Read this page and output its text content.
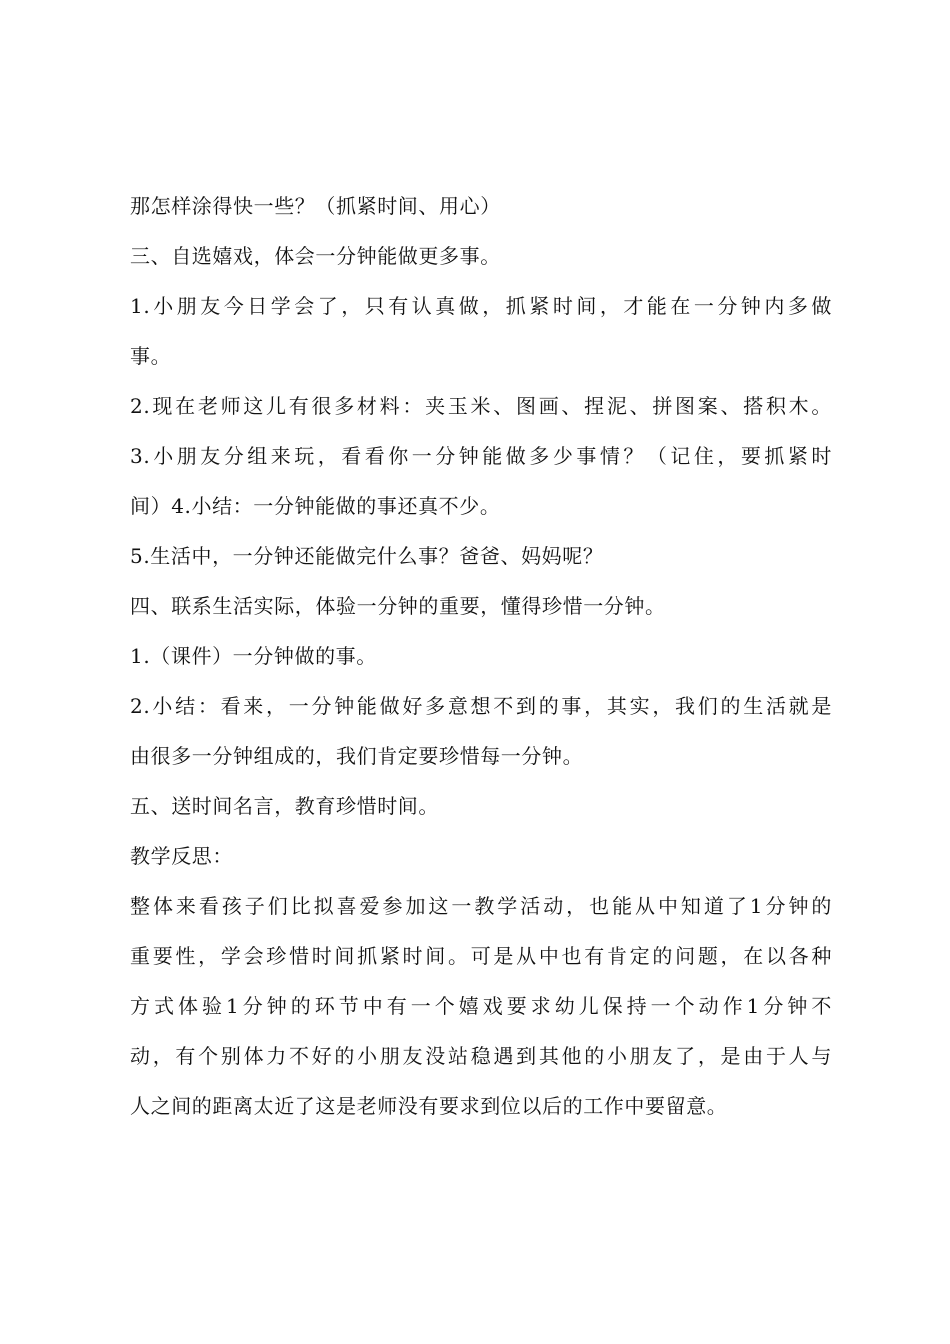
那怎样涂得快一些？（抓紧时间、用心）
三、自选嬉戏，体会一分钟能做更多事。
1.小朋友今日学会了，只有认真做，抓紧时间，才能在一分钟内多做
事。
2.现在老师这儿有很多材料：夹玉米、图画、捏泥、拼图案、搭积木。
3.小朋友分组来玩，看看你一分钟能做多少事情？（记住，要抓紧时
间）4.小结：一分钟能做的事还真不少。
5.生活中，一分钟还能做完什么事？爸爸、妈妈呢？
四、联系生活实际，体验一分钟的重要，懂得珍惜一分钟。
1.（课件）一分钟做的事。
2.小结：看来，一分钟能做好多意想不到的事，其实，我们的生活就是
由很多一分钟组成的，我们肯定要珍惜每一分钟。
五、送时间名言，教育珍惜时间。
教学反思：
整体来看孩子们比拟喜爱参加这一教学活动，也能从中知道了1分钟的
重要性，学会珍惜时间抓紧时间。可是从中也有肯定的问题，在以各种
方式体验1分钟的环节中有一个嬉戏要求幼儿保持一个动作1分钟不
动，有个别体力不好的小朋友没站稳遇到其他的小朋友了，是由于人与
人之间的距离太近了这是老师没有要求到位以后的工作中要留意。
